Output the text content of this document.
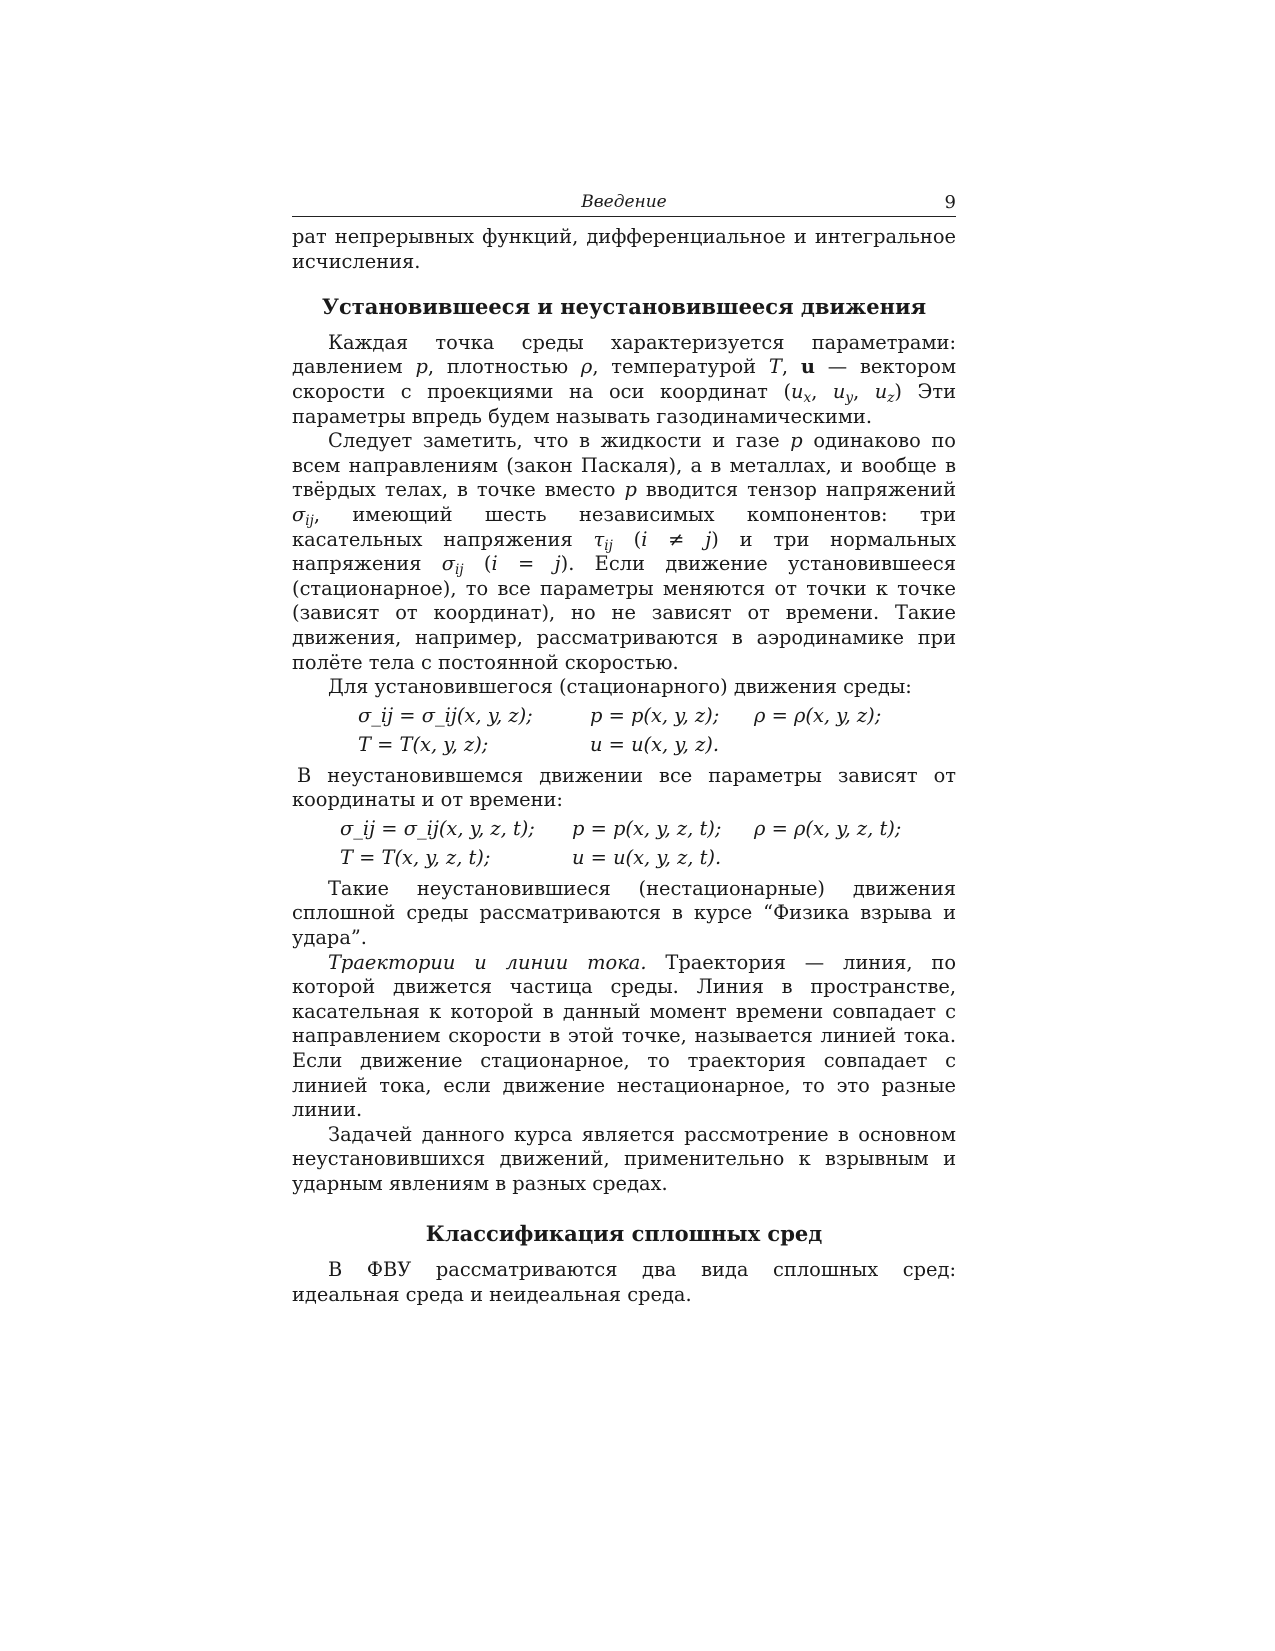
Введение	9

рат непрерывных функций, дифференциальное и интегральное исчисления.

Установившееся и неустановившееся движения

Каждая точка среды характеризуется параметрами: давлением p, плотностью ρ, температурой T, u — вектором скорости с проекциями на оси координат ($u_x$, $u_y$, $u_z$) Эти параметры впредь будем называть газодинамическими.

Следует заметить, что в жидкости и газе p одинаково по всем направлениям (закон Паскаля), а в металлах, и вообще в твёрдых телах, в точке вместо p вводится тензор напряжений $\sigma_{ij}$, имеющий шесть независимых компонентов: три касательных напряжения $\tau_{ij}$ (i ≠ j) и три нормальных напряжения $\sigma_{ij}$ (i = j). Если движение установившееся (стационарное), то все параметры меняются от точки к точке (зависят от координат), но не зависят от времени. Такие движения, например, рассматриваются в аэродинамике при полёте тела с постоянной скоростью.

Для установившегося (стационарного) движения среды:

σ_ij = σ_ij(x, y, z);	p = p(x, y, z);	ρ = ρ(x, y, z);
T = T(x, y, z);	u = u(x, y, z).

В неустановившемся движении все параметры зависят от координаты и от времени:

σ_ij = σ_ij(x, y, z, t);	p = p(x, y, z, t);	ρ = ρ(x, y, z, t);
T = T(x, y, z, t);	u = u(x, y, z, t).

Такие неустановившиеся (нестационарные) движения сплошной среды рассматриваются в курсе “Физика взрыва и удара”.

Траектории и линии тока. Траектория — линия, по которой движется частица среды. Линия в пространстве, касательная к которой в данный момент времени совпадает с направлением скорости в этой точке, называется линией тока. Если движение стационарное, то траектория совпадает с линией тока, если движение нестационарное, то это разные линии.

Задачей данного курса является рассмотрение в основном неустановившихся движений, применительно к взрывным и ударным явлениям в разных средах.

Классификация сплошных сред

В ФВУ рассматриваются два вида сплошных сред: идеальная среда и неидеальная среда.
